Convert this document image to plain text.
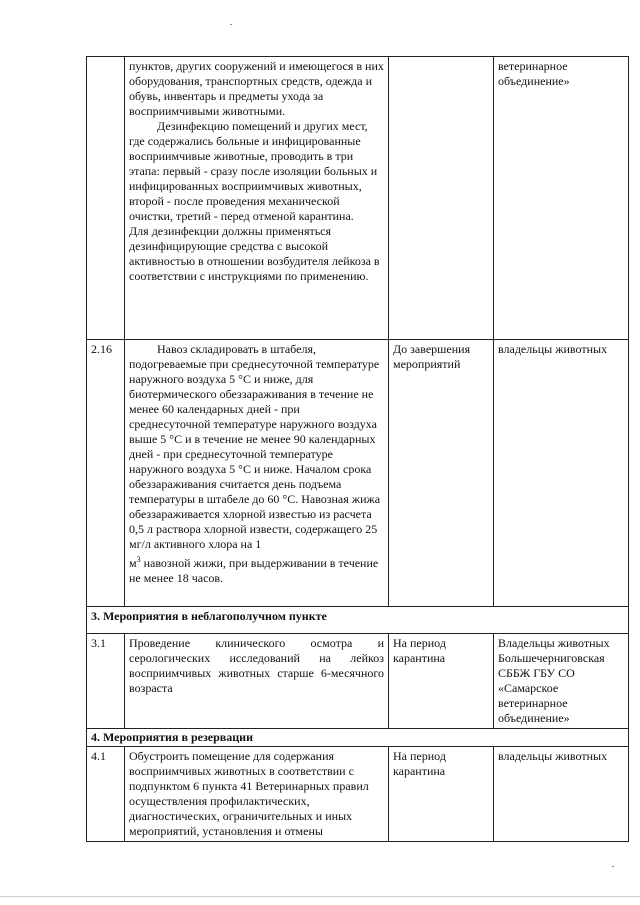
	пунктов, других сооружений и имеющегося в них оборудования, транспортных средств, одежда и обувь, инвентарь и предметы ухода за восприимчивыми животными.

Дезинфекцию помещений и других мест, где содержались больные и инфицированные восприимчивые животные, проводить в три этапа: первый - сразу после изоляции больных и инфицированных восприимчивых животных, второй - после проведения механической очистки, третий - перед отменой карантина.

Для дезинфекции должны применяться дезинфицирующие средства с высокой активностью в отношении возбудителя лейкоза в соответствии с инструкциями по применению.		ветеринарное объединение»
2.16	Навоз складировать в штабеля, подогреваемые при среднесуточной температуре наружного воздуха 5 °С и ниже, для биотермического обеззараживания в течение не менее 60 календарных дней - при среднесуточной температуре наружного воздуха выше 5 °С и в течение не менее 90 календарных дней - при среднесуточной температуре наружного воздуха 5 °С и ниже. Началом срока обеззараживания считается день подъема температуры в штабеле до 60 °С. Навозная жижа обеззараживается хлорной известью из расчета 0,5 л раствора хлорной извести, содержащего 25 мг/л активного хлора на 1
$м^3$ навозной жижи, при выдерживании в течение не менее 18 часов.	До завершения мероприятий	владельцы животных
3. Мероприятия в неблагополучном пункте			
3.1	Проведение клинического осмотра и серологических исследований на лейкоз восприимчивых животных старше 6-месячного возраста	На период карантина	Владельцы животных Большечерниговская СББЖ ГБУ СО «Самарское ветеринарное объединение»
4. Мероприятия в резервации			
4.1	Обустроить помещение для содержания восприимчивых животных в соответствии с подпунктом 6 пункта 41 Ветеринарных правил осуществления профилактических, диагностических, ограничительных и иных мероприятий, установления и отмены	На период карантина	владельцы животных
